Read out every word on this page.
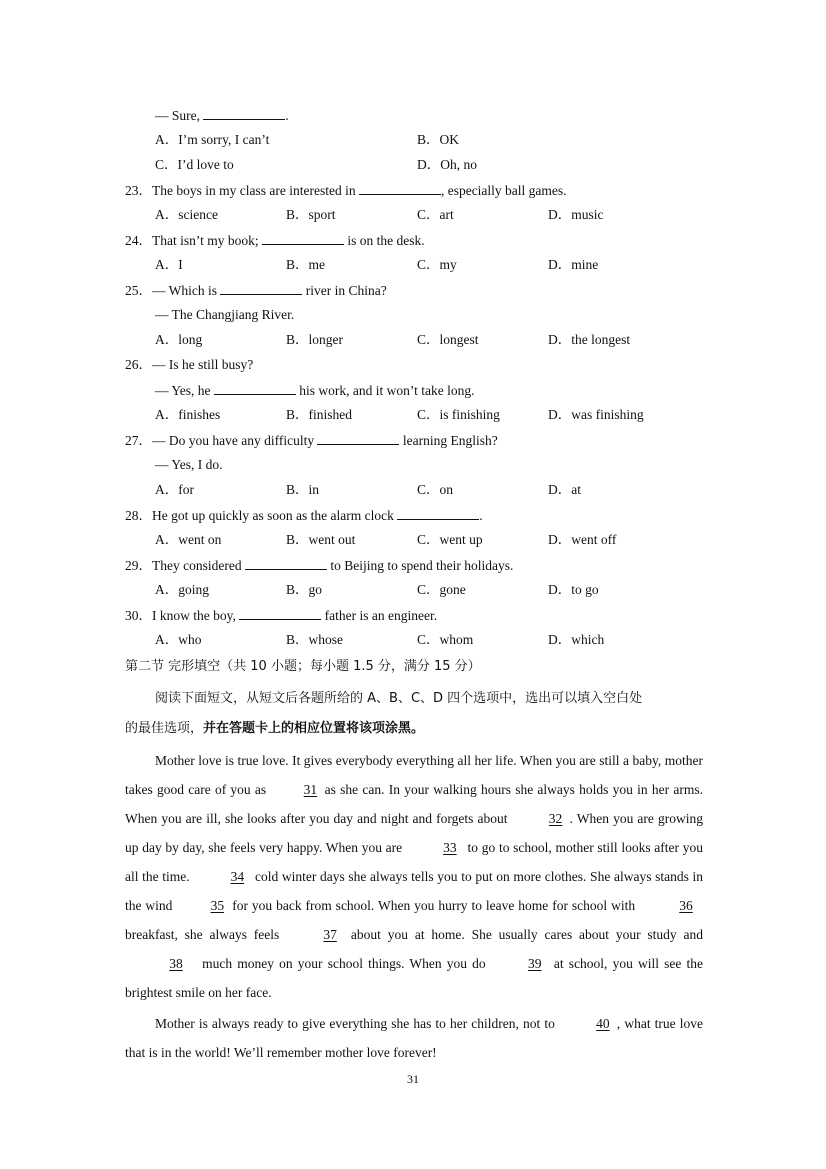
— Sure,	.
A．I’m sorry, I can’t	B．OK
C．I’d love to	D．Oh, no
23．The boys in my class are interested in	, especially ball games.
A．science	B．sport	C．art	D．music
24．That isn’t my book;	is on the desk.
A．I	B．me	C．my	D．mine
25．— Which is	river in China?
— The Changjiang River.
A．long	B．longer	C．longest	D．the longest
26．— Is he still busy?
— Yes, he	his work, and it won’t take long.
A．finishes	B．finished	C．is finishing	D．was finishing
27．— Do you have any difficulty	learning English?
— Yes, I do.
A．for	B．in	C．on	D．at
28．He got up quickly as soon as the alarm clock	.
A．went on	B．went out	C．went up	D．went off
29．They considered	to Beijing to spend their holidays.
A．going	B．go	C．gone	D．to go
30．I know the boy,	father is an engineer.
A．who	B．whose	C．whom	D．which
第二节 完形填空（共 10 小题；每小题 1.5 分，满分 15 分）
阅读下面短文，从短文后各题所给的 A、B、C、D 四个选项中，选出可以填入空白处
的最佳选项，并在答题卡上的相应位置将该项涂黑。
Mother love is true love. It gives everybody everything all her life. When you are still a baby, mother takes good care of you as 31 as she can. In your walking hours she always holds you in her arms. When you are ill, she looks after you day and night and forgets about	32 . When you are growing up day by day, she feels very happy. When you are	33 to go to school, mother still looks after you all the time.	34 cold winter days she always tells you to put on more clothes. She always stands in the wind	35 for you back from school. When you hurry to leave home for school with	36 breakfast, she always feels	37 about you at home. She usually cares about your study and 38 much money on your school things. When you do	39 at school, you will see the brightest smile on her face.
Mother is always ready to give everything she has to her children, not to	40 , what true love that is in the world! We’ll remember mother love forever!
31
